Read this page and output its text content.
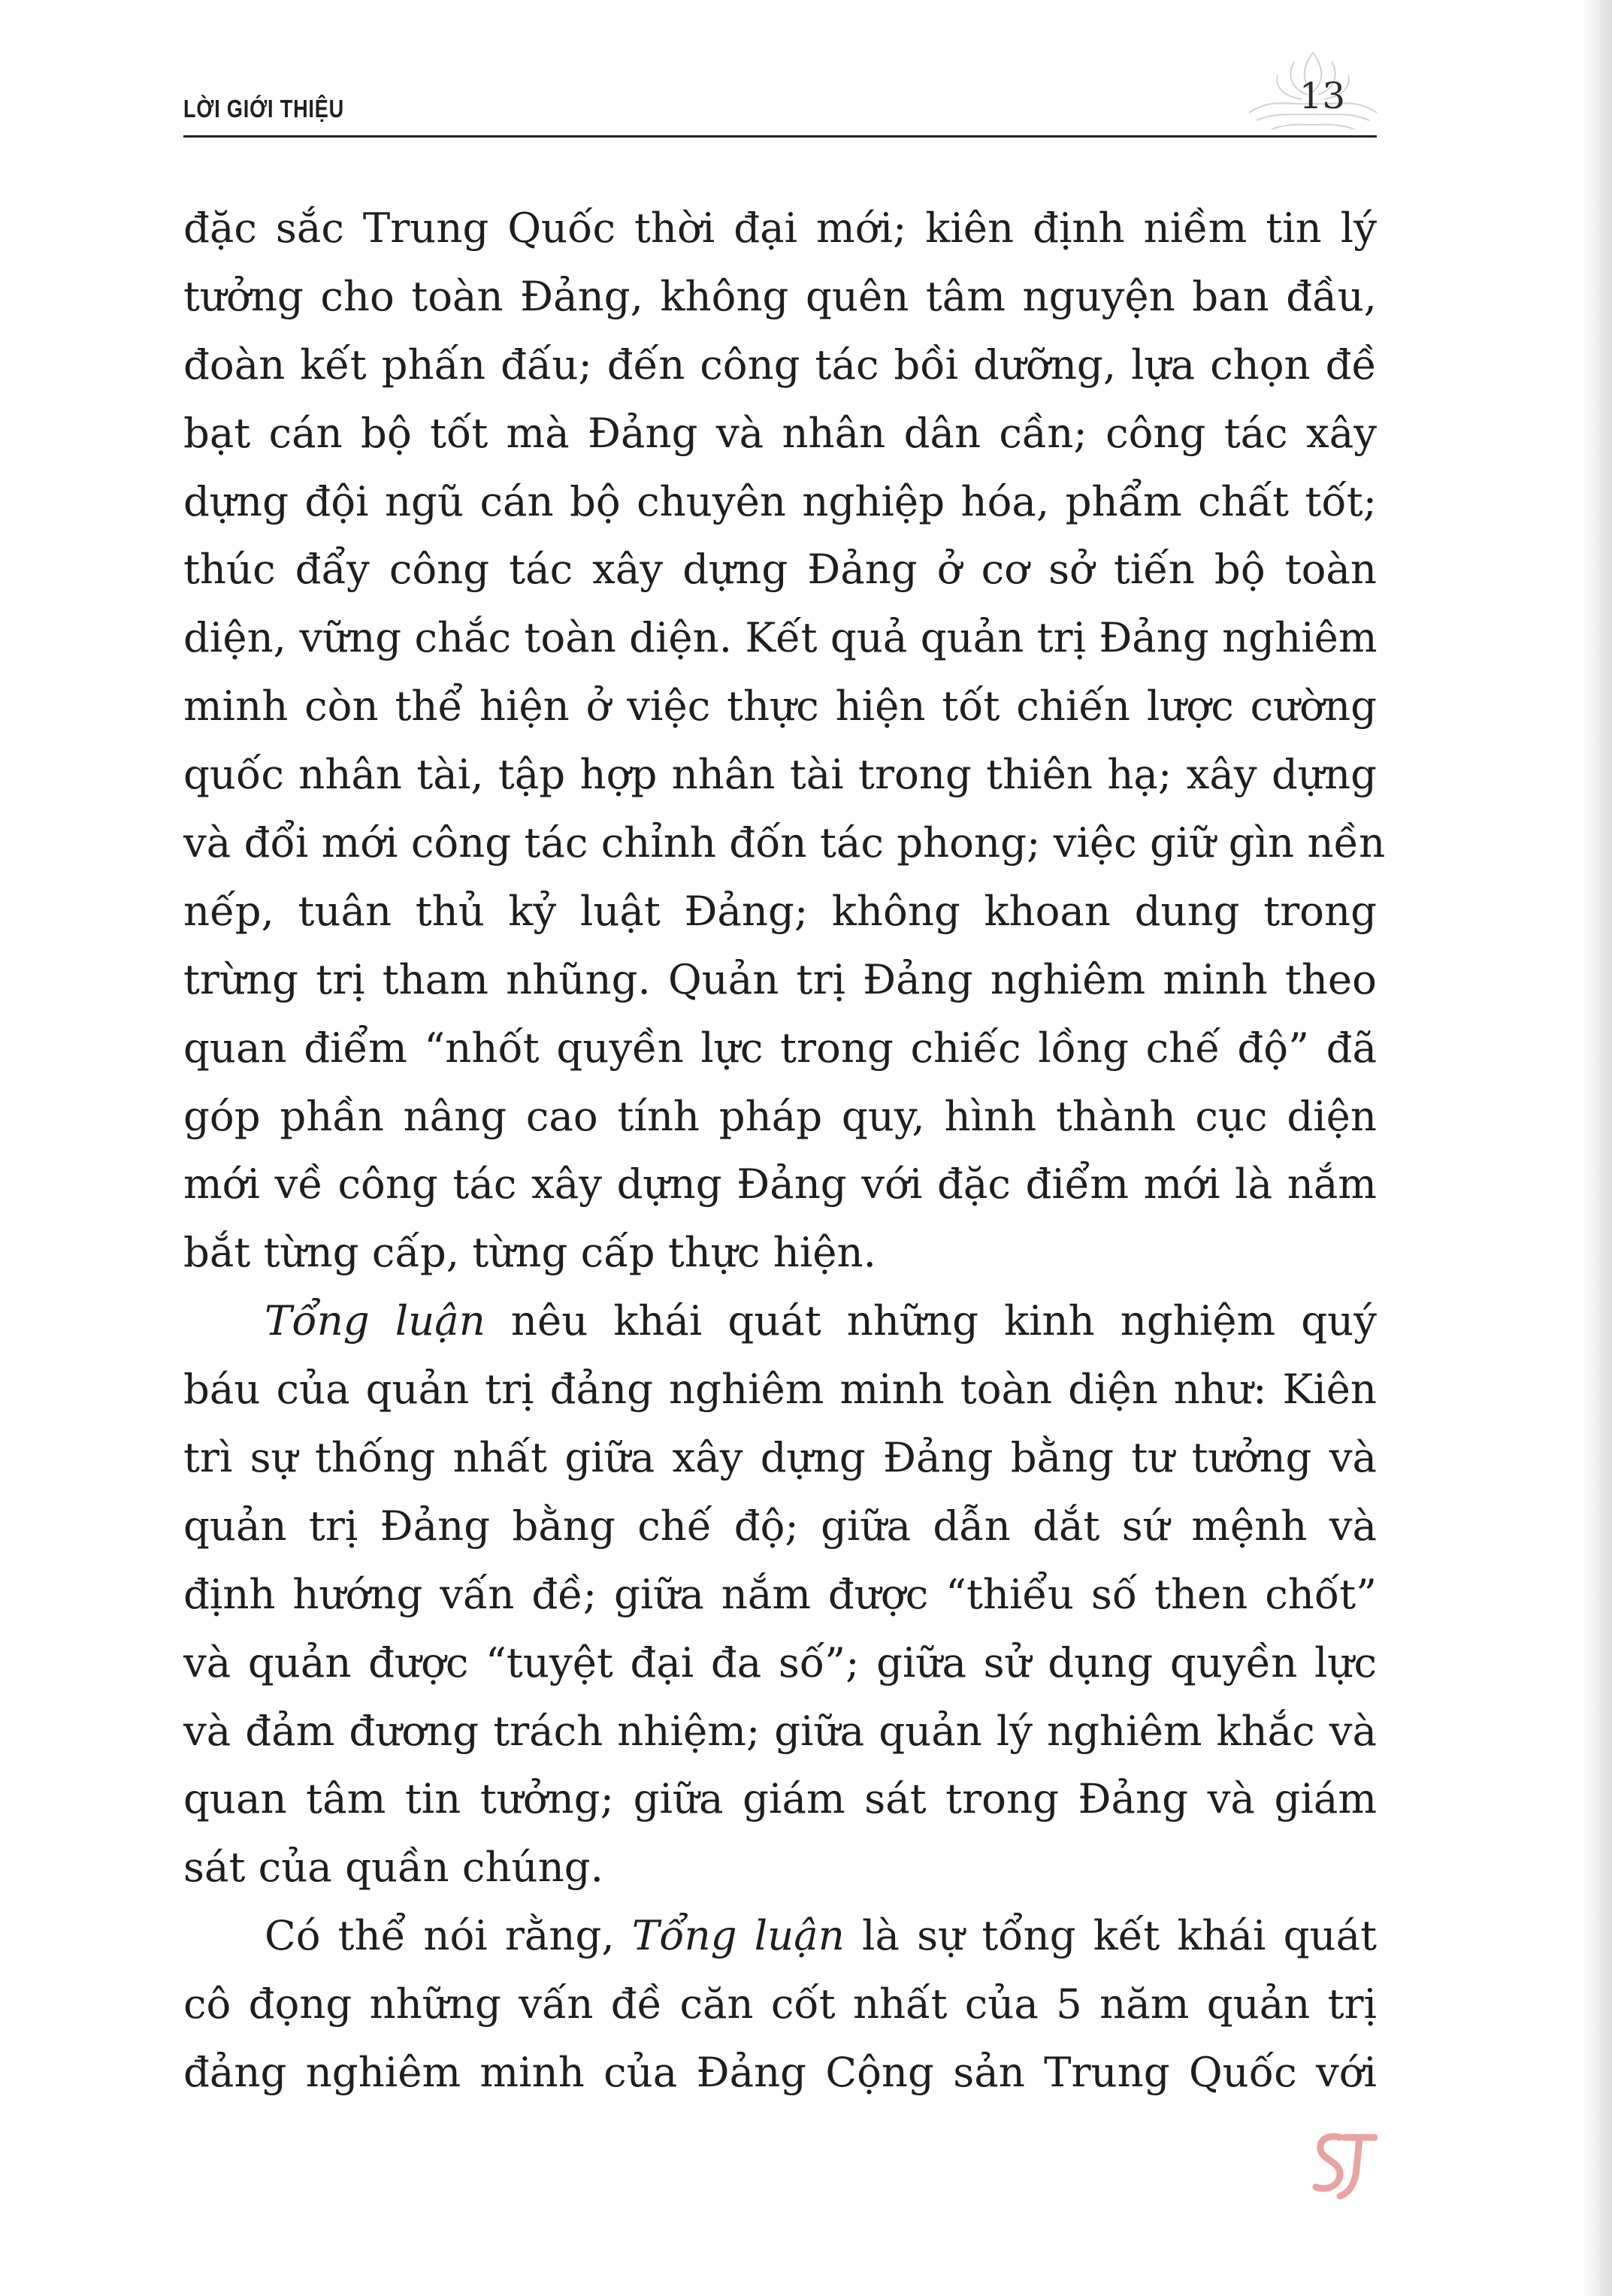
LỜI GIỚI THIỆU	13
đặc sắc Trung Quốc thời đại mới; kiên định niềm tin lý
tưởng cho toàn Đảng, không quên tâm nguyện ban đầu,
đoàn kết phấn đấu; đến công tác bồi dưỡng, lựa chọn đề
bạt cán bộ tốt mà Đảng và nhân dân cần; công tác xây
dựng đội ngũ cán bộ chuyên nghiệp hóa, phẩm chất tốt;
thúc đẩy công tác xây dựng Đảng ở cơ sở tiến bộ toàn
diện, vững chắc toàn diện. Kết quả quản trị Đảng nghiêm
minh còn thể hiện ở việc thực hiện tốt chiến lược cường
quốc nhân tài, tập hợp nhân tài trong thiên hạ; xây dựng
và đổi mới công tác chỉnh đốn tác phong; việc giữ gìn nền
nếp, tuân thủ kỷ luật Đảng; không khoan dung trong
trừng trị tham nhũng. Quản trị Đảng nghiêm minh theo
quan điểm “nhốt quyền lực trong chiếc lồng chế độ” đã
góp phần nâng cao tính pháp quy, hình thành cục diện
mới về công tác xây dựng Đảng với đặc điểm mới là nắm
bắt từng cấp, từng cấp thực hiện.
Tổng luận nêu khái quát những kinh nghiệm quý
báu của quản trị đảng nghiêm minh toàn diện như: Kiên
trì sự thống nhất giữa xây dựng Đảng bằng tư tưởng và
quản trị Đảng bằng chế độ; giữa dẫn dắt sứ mệnh và
định hướng vấn đề; giữa nắm được “thiểu số then chốt”
và quản được “tuyệt đại đa số”; giữa sử dụng quyền lực
và đảm đương trách nhiệm; giữa quản lý nghiêm khắc và
quan tâm tin tưởng; giữa giám sát trong Đảng và giám
sát của quần chúng.
Có thể nói rằng, Tổng luận là sự tổng kết khái quát
cô đọng những vấn đề căn cốt nhất của 5 năm quản trị
đảng nghiêm minh của Đảng Cộng sản Trung Quốc với
